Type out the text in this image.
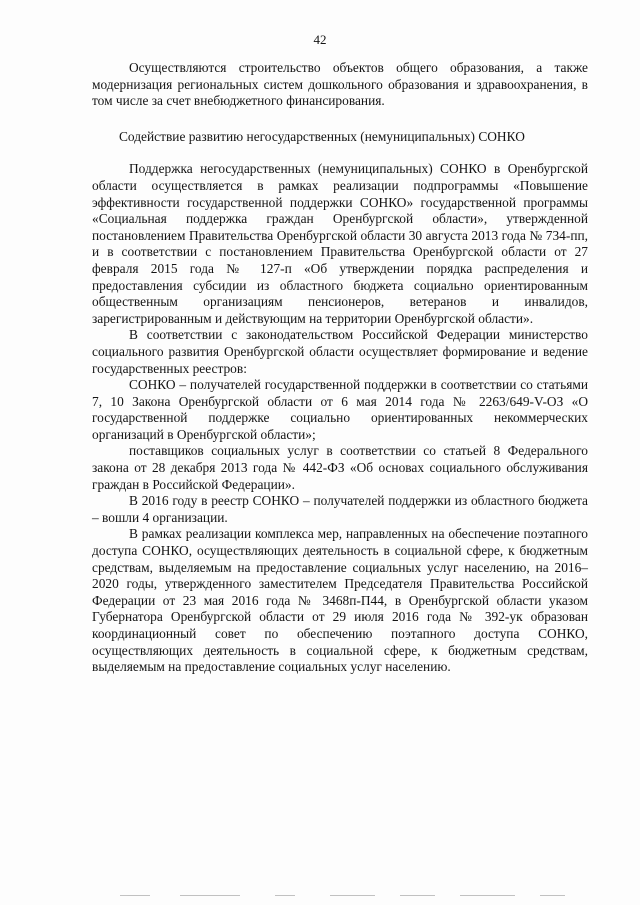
42

Осуществляются строительство объектов общего образования, а также модернизация региональных систем дошкольного образования и здравоохранения, в том числе за счет внебюджетного финансирования.

Содействие развитию негосударственных (немуниципальных) СОНКО

Поддержка негосударственных (немуниципальных) СОНКО в Оренбургской области осуществляется в рамках реализации подпрограммы «Повышение эффективности государственной поддержки СОНКО» государственной программы «Социальная поддержка граждан Оренбургской области», утвержденной постановлением Правительства Оренбургской области 30 августа 2013 года № 734-пп, и в соответствии с постановлением Правительства Оренбургской области от 27 февраля 2015 года № 127-п «Об утверждении порядка распределения и предоставления субсидии из областного бюджета социально ориентированным общественным организациям пенсионеров, ветеранов и инвалидов, зарегистрированным и действующим на территории Оренбургской области».

В соответствии с законодательством Российской Федерации министерство социального развития Оренбургской области осуществляет формирование и ведение государственных реестров:

СОНКО – получателей государственной поддержки в соответствии со статьями 7, 10 Закона Оренбургской области от 6 мая 2014 года № 2263/649-V-ОЗ «О государственной поддержке социально ориентированных некоммерческих организаций в Оренбургской области»;

поставщиков социальных услуг в соответствии со статьей 8 Федерального закона от 28 декабря 2013 года № 442-ФЗ «Об основах социального обслуживания граждан в Российской Федерации».

В 2016 году в реестр СОНКО – получателей поддержки из областного бюджета – вошли 4 организации.

В рамках реализации комплекса мер, направленных на обеспечение поэтапного доступа СОНКО, осуществляющих деятельность в социальной сфере, к бюджетным средствам, выделяемым на предоставление социальных услуг населению, на 2016–2020 годы, утвержденного заместителем Председателя Правительства Российской Федерации от 23 мая 2016 года № 3468п-П44, в Оренбургской области указом Губернатора Оренбургской области от 29 июля 2016 года № 392-ук образован координационный совет по обеспечению поэтапного доступа СОНКО, осуществляющих деятельность в социальной сфере, к бюджетным средствам, выделяемым на предоставление социальных услуг населению.
